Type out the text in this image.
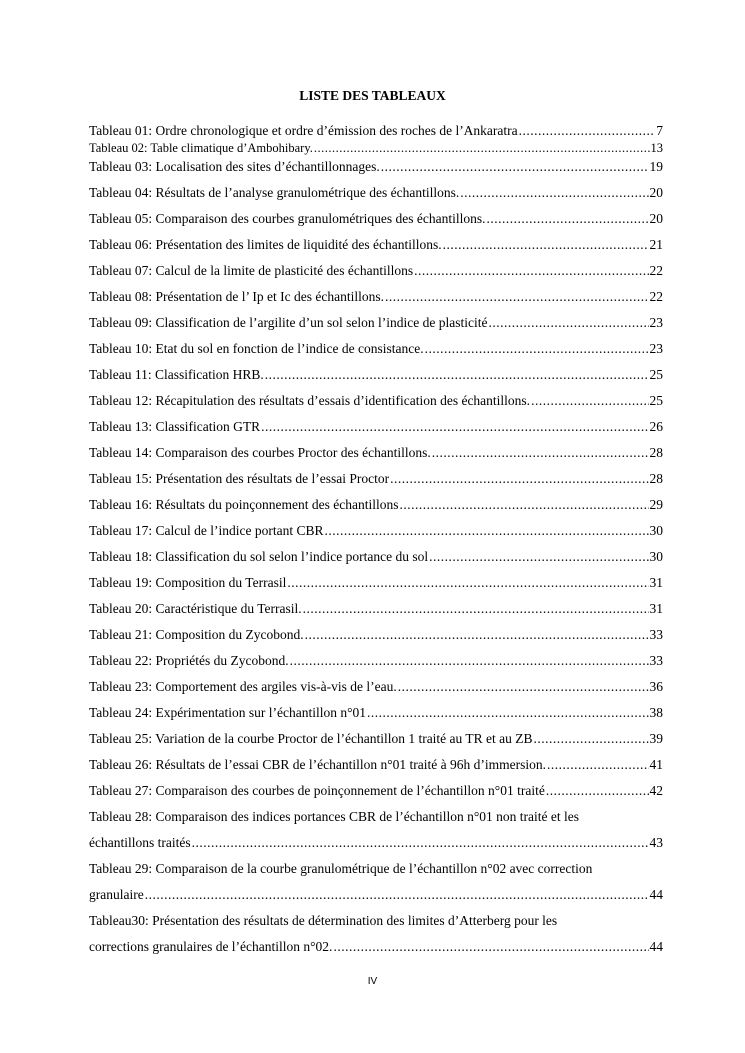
LISTE DES TABLEAUX
Tableau 01: Ordre chronologique et ordre d’émission des roches de l’Ankaratra .....	7
Tableau 02: Table climatique d’Ambohibary. .....	13
Tableau 03: Localisation des sites d’échantillonnages. .....	19
Tableau 04: Résultats de l’analyse granulométrique des échantillons. .....	20
Tableau 05: Comparaison des courbes granulométriques des échantillons. .....	20
Tableau 06: Présentation des limites de liquidité des échantillons. .....	21
Tableau 07: Calcul de la limite de plasticité des échantillons .....	22
Tableau 08: Présentation de l’ Ip et Ic des échantillons. .....	22
Tableau 09: Classification de l’argilite d’un sol selon l’indice de plasticité .....	23
Tableau 10: Etat du sol en fonction de l’indice de consistance. .....	23
Tableau 11: Classification HRB. .....	25
Tableau 12: Récapitulation des résultats d’essais d’identification des échantillons. .....	25
Tableau 13: Classification GTR .....	26
Tableau 14: Comparaison des courbes Proctor des échantillons. .....	28
Tableau 15: Présentation des résultats de l’essai Proctor .....	28
Tableau 16: Résultats du poinçonnement des échantillons .....	29
Tableau 17: Calcul de l’indice portant CBR .....	30
Tableau 18: Classification du sol selon l’indice portance du sol .....	30
Tableau 19: Composition du Terrasil .....	31
Tableau 20: Caractéristique du Terrasil. .....	31
Tableau 21: Composition du Zycobond. .....	33
Tableau 22: Propriétés du Zycobond. .....	33
Tableau 23: Comportement des argiles vis-à-vis de l’eau. .....	36
Tableau 24: Expérimentation sur l’échantillon n°01 .....	38
Tableau 25: Variation de la courbe Proctor de l’échantillon 1 traité au TR et au ZB .....	39
Tableau 26: Résultats de l’essai CBR de l’échantillon n°01 traité à 96h d’immersion. .....	41
Tableau 27: Comparaison des courbes de poinçonnement de l’échantillon n°01 traité .....	42
Tableau 28: Comparaison des indices portances CBR de l’échantillon n°01 non traité et les
échantillons traités .....	43
Tableau 29: Comparaison de la courbe granulométrique de l’échantillon n°02 avec correction
granulaire .....	44
Tableau30: Présentation des résultats de détermination des limites d’Atterberg pour les
corrections granulaires de l’échantillon n°02. .....	44
IV
